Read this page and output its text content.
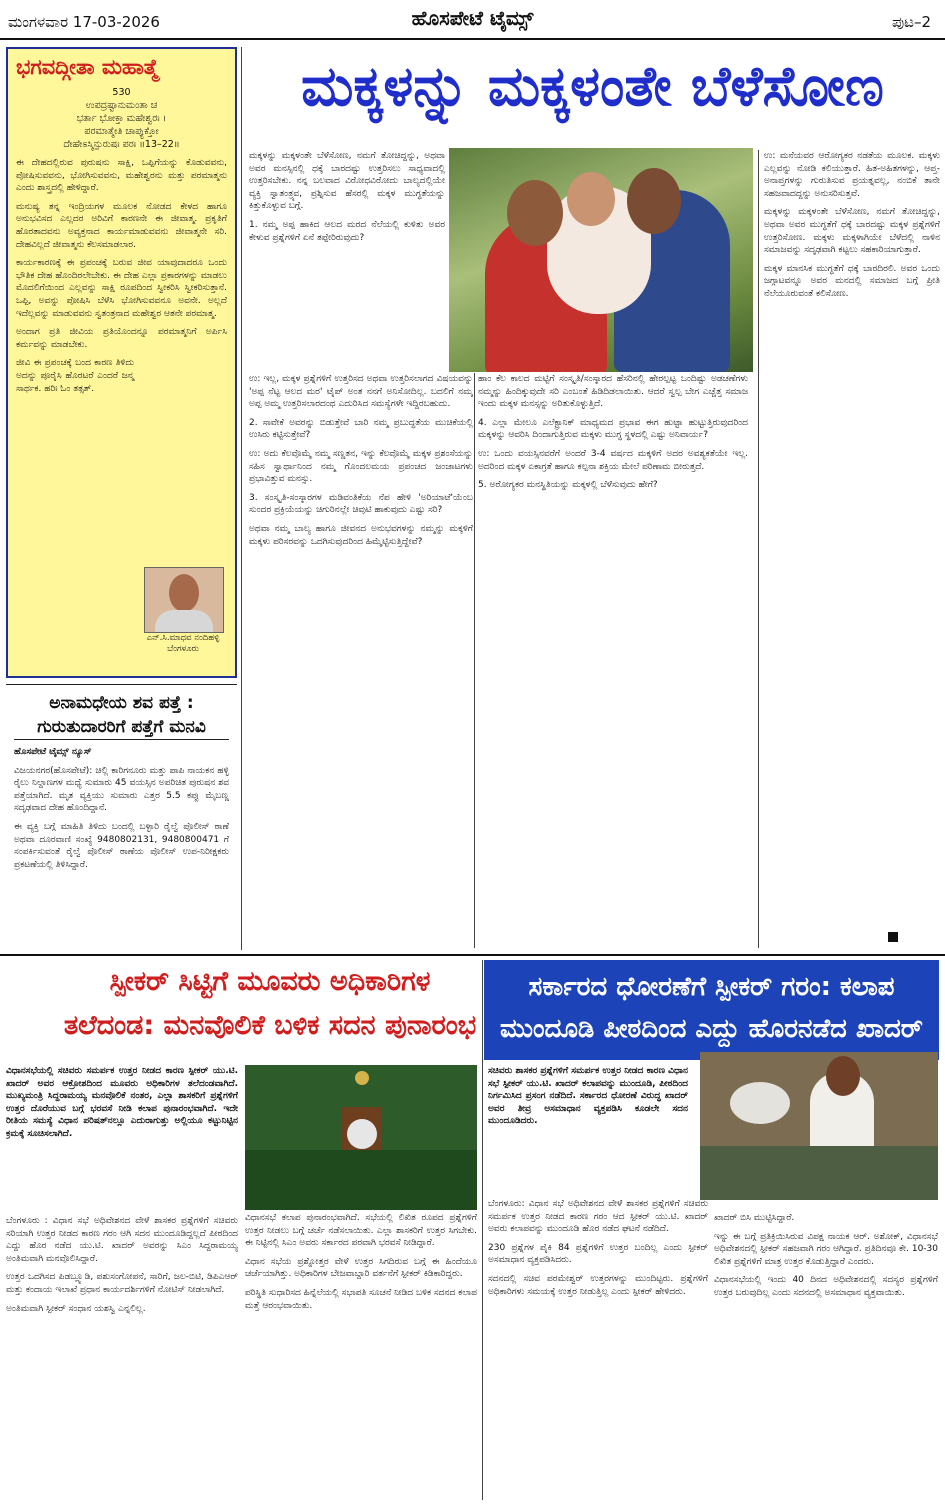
ಮಂಗಳವಾರ 17-03-2026	ಹೊಸಪೇಟೆ ಟೈಮ್ಸ್	ಪುಟ–2
ಭಗವದ್ಗೀತಾ ಮಹಾತ್ಮೆ
530
ಉಪದ್ರಷ್ಟಾನುಮಂತಾ ಚ
ಭರ್ತಾ ಭೋಕ್ತಾ ಮಹೇಶ್ವರಃ ।
ಪರಮಾತ್ಮೇತಿ ಚಾಪ್ಯುಕ್ತೋ
ದೇಹೇಽಸ್ಮಿನ್ಪುರುಷಃ ಪರಃ ॥13–22॥

ಈ ದೇಹದಲ್ಲಿರುವ ಪುರುಷನು ಸಾಕ್ಷಿ, ಒಪ್ಪಿಗೆಯನ್ನು ಕೊಡುವವನು, ಪೋಷಿಸುವವನು, ಭೋಗಿಸುವವನು, ಮಹೇಶ್ವರನು ಮತ್ತು ಪರಮಾತ್ಮನು ಎಂದು ಶಾಸ್ತ್ರದಲ್ಲಿ ಹೇಳಿದ್ದಾರೆ.

ಮನುಷ್ಯ ತನ್ನ ಇಂದ್ರಿಯಗಳ ಮೂಲಕ ನೋಡದ ಕೇಳದ ಹಾಗೂ ಅನುಭವಿಸದ ಎಲ್ಲದರ ಅರಿವಿಗೆ ಕಾರಣನೇ ಈ ಜೀವಾತ್ಮ. ಪ್ರಕೃತಿಗೆ ಹೊರತಾದವನು ಅವ್ಯಕ್ತನಾದ ಕಾರ್ಯಮಾಡುವವನು ಜೀವಾತ್ಮನೇ ಸರಿ. ದೇಹವಿಲ್ಲದೆ ಜೀವಾತ್ಮನು ಕೆಲಸಮಾಡಲಾರ.

ಕಾರ್ಯಕಾರಣಕ್ಕೆ ಈ ಪ್ರಪಂಚಕ್ಕೆ ಬರುವ ಜೀವ ಯಾವುದಾದರೂ ಒಂದು ಭೌತಿಕ ದೇಹ ಹೊಂದಿರಲೇಬೇಕು. ಈ ದೇಹ ಎಲ್ಲಾ ಪ್ರಕಾರಗಳನ್ನು ಮಾಡಲು ಮೊದಲಿಗೆಯಿಂದ ಎಲ್ಲವನ್ನು ಸಾಕ್ಷಿ ರೂಪದಿಂದ ಸ್ವೀಕರಿಸಿ ಸ್ವೀಕರಿಸುತ್ತಾನೆ. ಒಪ್ಪಿ, ಅವನ್ನು ಪೋಷಿಸಿ ಬೆಳೆಸಿ ಭೋಗಿಸುವವನೂ ಅವನೇ. ಅಲ್ಲದೆ ಇದೆಲ್ಲವನ್ನು ಮಾಡುವವನು ಸ್ವತಂತ್ರನಾದ ಮಹೇಶ್ವರ ಆತನೇ ಪರಮಾತ್ಮ.

ಅಂದಾಗ ಪ್ರತಿ ಜೀವಿಯ ಪ್ರತಿಯೊಂದನ್ನೂ ಪರಮಾತ್ಮನಿಗೆ ಅರ್ಪಿಸಿ ಕರ್ಮವನ್ನು ಮಾಡಬೇಕು.

ಜೀವಿ ಈ ಪ್ರಪಂಚಕ್ಕೆ ಬಂದ ಕಾರಣ ತಿಳಿದು ಅದನ್ನು ಪೂರೈಸಿ ಹೊರಟರೆ ಎಂದರೆ ಜನ್ಮ ಸಾರ್ಥಕ. ಹರಿಃ ಓಂ ತತ್ಸತ್.

ಎನ್.ಸಿ.ಮಾಧವ ನಂದಿಹಳ್ಳಿ
ಬೆಂಗಳೂರು
ಅನಾಮಧೇಯ ಶವ ಪತ್ತೆ :
ಗುರುತುದಾರರಿಗೆ ಪತ್ತೆಗೆ ಮನವಿ

ಹೊಸಪೇಟೆ ಟೈಮ್ಸ್ ನ್ಯೂಸ್

ವಿಜಯನಗರ(ಹೊಸಪೇಟೆ): ಚಿಲ್ಲಿ ಕಾರಿಗನೂರು ಮತ್ತು ಪಾಪಿ ನಾಯಕನ ಹಳ್ಳಿ ರೈಲು ನಿಲ್ದಾಣಗಳ ಮಧ್ಯೆ ಸುಮಾರು 45 ವಯಸ್ಸಿನ ಅಪರಿಚಿತ ಪುರುಷನ ಶವ ಪತ್ತೆಯಾಗಿದೆ. ಮೃತ ವ್ಯಕ್ತಿಯು ಸುಮಾರು ಎತ್ತರ 5.5 ಕಪ್ಪು ಮೈಬಣ್ಣ ಸದೃಢವಾದ ದೇಹ ಹೊಂದಿದ್ದಾನೆ.

ಈ ವ್ಯಕ್ತಿ ಬಗ್ಗೆ ಮಾಹಿತಿ ತಿಳಿದು ಬಂದಲ್ಲಿ ಬಳ್ಳಾರಿ ರೈಲ್ವೆ ಪೊಲೀಸ್ ಠಾಣೆ ಅಥವಾ ದೂರವಾಣಿ ಸಂಖ್ಯೆ 9480802131, 9480800471 ಗೆ ಸಂಪರ್ಕಿಸುವಂತೆ ರೈಲ್ವೆ ಪೊಲೀಸ್ ಠಾಣೆಯ ಪೊಲೀಸ್ ಉಪ-ನಿರೀಕ್ಷಕರು ಪ್ರಕಟಣೆಯಲ್ಲಿ ತಿಳಿಸಿದ್ದಾರೆ.

ಮಕ್ಕಳನ್ನು ಮಕ್ಕಳಂತೇ ಬೆಳೆಸೋಣ

ಮಕ್ಕಳನ್ನು ಮಕ್ಕಳಂತೇ ಬೆಳೆಸೋಣ, ನಮಗೆ ತೋಚಿದ್ದನ್ನು, ಅಥವಾ ಅವರ ಮನಸ್ಸಿನಲ್ಲಿ ಧಕ್ಕೆ ಬಾರದಷ್ಟು ಉತ್ತರಿಸಲು ಸಾಧ್ಯವಾದಲ್ಲಿ ಉತ್ತರಿಸಬೇಕು. ನನ್ನ ಬಲವಾದ ವಿರೋಧವಿರೋದು ಬಾಲ್ಯದಲ್ಲಿಯೇ ವ್ಯಕ್ತಿ ಸ್ವಾತಂತ್ರ್ಯವ, ಪ್ರಶ್ನಿಸುವ ಹೆಸರಲ್ಲಿ ಮಕ್ಕಳ ಮುಗ್ಧತೆಯನ್ನು ಕಿತ್ತುಕೊಳ್ಳುವ ಬಗ್ಗೆ.

1. ನಮ್ಮ ಅಪ್ಪ ಹಾಕಿದ ಆಲದ ಮರದ ನೆಲೆಯಲ್ಲಿ ಕುಳಿತು ಅವರ ಕೇಳುವ ಪ್ರಶ್ನೆಗಳಿಗೆ ಏನೆ ತಪ್ಪೇರಿರುವುದು?

ಉ: ಇಲ್ಲ, ಮಕ್ಕಳ ಪ್ರಶ್ನೆಗಳಿಗೆ ಉತ್ತರಿಸದ ಅಥವಾ ಉತ್ತರಿಸಲಾಗದ ವಿಷಯವನ್ನು 'ಅಪ್ಪ ನೆಟ್ಟ ಆಲದ ಮರ' ಟೈಪ್ ಅಂತ ನನಗೆ ಅನಿಸೋದಿಲ್ಲ. ಬದಲಿಗೆ ನಮ್ಮ ಅಪ್ಪ ಅಮ್ಮ ಉತ್ತರಿಸಲಾರದಂಥ ಎದುರಿಸಿದ ಸಮಸ್ಯೆಗಳೇ ಇದ್ದಿರಬಹುದು.

2. ಸಾವೇಕೆ ಅವರನ್ನು ಬಿಡುತ್ತೇವೆ ಬಾರಿ ನಮ್ಮ ಪ್ರಬುದ್ಧತೆಯ ಮುಚಿಕೆಯಲ್ಲಿ ಉಸಿರು ಕಟ್ಟಿಸುತ್ತೇವೆ?

ಉ: ಅದು ಕೆಲವೊಮ್ಮೆ ನಮ್ಮ ಸಣ್ಣತನ, ಇನ್ನು ಕೆಲವೊಮ್ಮೆ ಮಕ್ಕಳ ಪ್ರಶಂಸೆಯನ್ನು ಸಹಿಸ ಸ್ವಾರ್ಥಾನಿಂದ ನಮ್ಮ ಗೊಂದಲಮಯ ಪ್ರಪಂಚದ ಜಂಜಾಟಗಳು ಪ್ರಭಾವಿತ್ತುವ ಮನಸ್ಸು.

3. ಸಂಸ್ಕೃತಿ-ಸಂಸ್ಕಾರಗಳ ಮಡಿವಂತಿಕೆಯ ನೆಪ ಹೇಳಿ 'ಅರಿಯಾಟೆ'ಯೆಂಬ ಸುಂದರ ಪ್ರಕ್ರಿಯೆಯನ್ನು ಚಿಗುರಿನಲ್ಲೇ ಚಿವುಟಿ ಹಾಕುವುದು ಎಷ್ಟು ಸರಿ?

ಅಥವಾ ನಮ್ಮ ಬಾಲ್ಯ ಹಾಗೂ ಜೀವನದ ಅನುಭವಗಳನ್ನು ನಮ್ಮನ್ನು ಮಕ್ಕಳಿಗೆ ಮಕ್ಕಳು ಪರಿಸರವನ್ನು ಒದಗಿಸುವುದರಿಂದ ಹಿಮ್ಮೆಟ್ಟಿಸುತ್ತಿದ್ದೇವೆ?

ಹಾಂ ಕೆಲ ಕಾಲದ ಮಟ್ಟಿಗೆ ಸಂಸ್ಕೃತಿ/ಸಂಸ್ಕಾರದ ಹೆಸರಿನಲ್ಲಿ ಹೇರಲ್ಪಟ್ಟ ಒಂದಿಷ್ಟು ಅಡಚಣೆಗಳು ನಮ್ಮನ್ನು ಹಿಂದಿಕ್ಕುವುದೇ ಸರಿ ಎಂಬಂತೆ ಹಿಡಿದಿಡಲಾಯಿತು. ಆದರೆ ಸ್ವಲ್ಪ ಬೇಗ ಎಚ್ಚೆತ್ತ ಸಮಾಜ ಇಂದು ಮಕ್ಕಳ ಮನಸ್ಸನ್ನು ಅರಿತುಕೊಳ್ಳುತ್ತಿದೆ.

4. ಎಲ್ಲಾ ಮೇಲೂ ಎಲೆಕ್ಟ್ರಾನಿಕ್ ಮಾಧ್ಯಮದ ಪ್ರಭಾವ ಈಗ ಹುಟ್ಟಾ ಹುಟ್ಟುತ್ತಿರುವುದರಿಂದ ಮಕ್ಕಳನ್ನು ಆವರಿಸಿ ದಿಂದಾಗುತ್ತಿರುವ ಮಕ್ಕಳು ಮುಗ್ಧ ಸ್ಥಳದಲ್ಲಿ ಎಷ್ಟು ಅನಿವಾರ್ಯ?

ಉ: ಒಂದು ವಯಸ್ಸಿನವರೆಗೆ ಅಂದರೆ 3-4 ವರ್ಷದ ಮಕ್ಕಳಿಗೆ ಅದರ ಅವಶ್ಯಕತೆಯೇ ಇಲ್ಲ. ಅದರಿಂದ ಮಕ್ಕಳ ಏಕಾಗ್ರತೆ ಹಾಗೂ ಕಲ್ಪನಾ ಶಕ್ತಿಯ ಮೇಲೆ ಪರಿಣಾಮ ಬೀರುತ್ತದೆ.

5. ಅರೋಗ್ಯಕರ ಮನಸ್ಥಿತಿಯನ್ನು ಮಕ್ಕಳಲ್ಲಿ ಬೆಳೆಸುವುದು ಹೇಗೆ?

ಉ: ಮನೆಯವರ ಆರೋಗ್ಯಕರ ನಡತೆಯ ಮೂಲಕ. ಮಕ್ಕಳು ಎಲ್ಲವನ್ನು ನೋಡಿ ಕಲಿಯುತ್ತಾರೆ. ಹಿತ-ಅಹಿತಗಳನ್ನು, ಆಪ್ತ-ಅನಾಪ್ತಗಳನ್ನು ಗುರುತಿಸುವ ಪ್ರಯತ್ನವಲ್ಲ, ನಂಬಿಕೆ ತಾನೇ ಸಹಜವಾದದ್ದನ್ನು ಅನುಸರಿಸುತ್ತವೆ.

ಮಕ್ಕಳನ್ನು ಮಕ್ಕಳಂತೇ ಬೆಳೆಸೋಣ, ನಮಗೆ ತೋಚಿದ್ದನ್ನು, ಅಥವಾ ಅವರ ಮುಗ್ಧತೆಗೆ ಧಕ್ಕೆ ಬಾರದಷ್ಟು ಮಕ್ಕಳ ಪ್ರಶ್ನೆಗಳಿಗೆ ಉತ್ತರಿಸೋಣ. ಮಕ್ಕಳು ಮಕ್ಕಳಾಗಿಯೇ ಬೆಳೆದಲ್ಲಿ ನಾಳಿನ ಸಮಾಜವನ್ನು ಸದೃಢವಾಗಿ ಕಟ್ಟಲು ಸಹಕಾರಿಯಾಗುತ್ತಾರೆ.

ಮಕ್ಕಳ ಮಾನಸಿಕ ಮುಗ್ಧತೆಗೆ ಧಕ್ಕೆ ಬಾರದಿರಲಿ. ಅವರ ಒಂದು ಜಗ್ಗಾಟವನ್ನೂ ಅವರ ಮನದಲ್ಲಿ ಸಮಾಜದ ಬಗ್ಗೆ ಪ್ರೀತಿ ನೆಲೆಯೂರುವಂತೆ ಕಲಿಸೋಣ.

ಸ್ಪೀಕರ್ ಸಿಟ್ಟಿಗೆ ಮೂವರು ಅಧಿಕಾರಿಗಳ
ತಲೆದಂಡ: ಮನವೊಲಿಕೆ ಬಳಿಕ ಸದನ ಪುನಾರಂಭ
ಸರ್ಕಾರದ ಧೋರಣೆಗೆ ಸ್ಪೀಕರ್ ಗರಂ: ಕಲಾಪ
ಮುಂದೂಡಿ ಪೀಠದಿಂದ ಎದ್ದು ಹೊರನಡೆದ ಖಾದರ್

ವಿಧಾನಸಭೆಯಲ್ಲಿ ಸಚಿವರು ಸಮರ್ಪಕ ಉತ್ತರ ನೀಡದ ಕಾರಣ ಸ್ಪೀಕರ್ ಯು.ಟಿ. ಖಾದರ್ ಅವರ ಆಕ್ರೋಶದಿಂದ ಮೂವರು ಅಧಿಕಾರಿಗಳ ತಲೆದಂಡವಾಗಿದೆ. ಮುಖ್ಯಮಂತ್ರಿ ಸಿದ್ದರಾಮಯ್ಯ ಮನವೊಲಿಕೆ ನಂತರ, ಎಲ್ಲಾ ಶಾಸಕರಿಗೆ ಪ್ರಶ್ನೆಗಳಿಗೆ ಉತ್ತರ ದೊರೆಯುವ ಬಗ್ಗೆ ಭರವಸೆ ನೀಡಿ ಕಲಾಪ ಪುನಾರಂಭವಾಗಿದೆ. ಇದೇ ರೀತಿಯ ಸಮಸ್ಯೆ ವಿಧಾನ ಪರಿಷತ್‌ನಲ್ಲೂ ಎದುರಾಗುತ್ತು ಅಲ್ಲಿಯೂ ಕಟ್ಟುನಿಟ್ಟಿನ ಕ್ರಮಕ್ಕೆ ಸೂಚಿಸಲಾಗಿದೆ.

ಬೆಂಗಳೂರು : ವಿಧಾನ ಸಭೆ ಅಧಿವೇಶನದ ವೇಳೆ ಶಾಸಕರ ಪ್ರಶ್ನೆಗಳಿಗೆ ಸಚಿವರು ಸರಿಯಾಗಿ ಉತ್ತರ ನೀಡದ ಕಾರಣ ಗರಂ ಆಗಿ ಸದನ ಮುಂದೂಡಿದ್ದಲ್ಲದೆ ಪೀಠದಿಂದ ಎದ್ದು ಹೊರ ನಡೆದ ಯು.ಟಿ. ಖಾದರ್ ಅವರನ್ನು ಸಿಎಂ ಸಿದ್ದರಾಮಯ್ಯ ಅಂತಿಮವಾಗಿ ಮನವೊಲಿಸಿದ್ದಾರೆ.

ಉತ್ತರ ಒದಗಿಸದ ಪಿಡಬ್ಲ್ಯೂಡಿ, ಪಶುಸಂಗೋಪನೆ, ಸಾರಿಗೆ, ಜಲ-ಬಿಟಿ, ಡಿಪಿಎಆರ್ ಮತ್ತು ಕಂದಾಯ ಇಲಾಖೆ ಪ್ರಧಾನ ಕಾರ್ಯದರ್ಶಿಗಳಿಗೆ ನೋಟಿಸ್ ನೀಡಲಾಗಿದೆ.

ಅಂತಿಮವಾಗಿ ಸ್ಪೀಕರ್ ಸಂಧಾನ ಯಶಸ್ವಿ ಎನ್ನಲಿಲ್ಲ.

ವಿಧಾನಸಭೆ ಕಲಾಪ ಪುನಾರಂಭವಾಗಿದೆ. ಸಭೆಯಲ್ಲಿ ಲಿಖಿತ ರೂಪದ ಪ್ರಶ್ನೆಗಳಿಗೆ ಉತ್ತರ ನೀಡಲು ಬಗ್ಗೆ ಚರ್ಚೆ ನಡೆಸಲಾಯಿತು. ಎಲ್ಲಾ ಶಾಸಕರಿಗೆ ಉತ್ತರ ಸಿಗಬೇಕು. ಈ ನಿಟ್ಟಿನಲ್ಲಿ ಸಿಎಂ ಅವರು ಸರ್ಕಾರದ ಪರವಾಗಿ ಭರವಸೆ ನೀಡಿದ್ದಾರೆ.

ವಿಧಾನ ಸಭೆಯ ಪ್ರಶ್ನೋತ್ತರ ವೇಳೆ ಉತ್ತರ ಸಿಗದಿರುವ ಬಗ್ಗೆ ಈ ಹಿಂದೆಯೂ ಚರ್ಚೆಯಾಗಿತ್ತು. ಅಧಿಕಾರಿಗಳ ಬೇಜವಾಬ್ದಾರಿ ವರ್ತನೆಗೆ ಸ್ಪೀಕರ್ ಕಿಡಿಕಾರಿದ್ದರು.

ಪರಿಸ್ಥಿತಿ ಸುಧಾರಿಸದ ಹಿನ್ನೆಲೆಯಲ್ಲಿ ಸಭಾಪತಿ ಸೂಚನೆ ನೀಡಿದ ಬಳಿಕ ಸದನದ ಕಲಾಪ ಮತ್ತೆ ಆರಂಭವಾಯಿತು.

ಸಚಿವರು ಶಾಸಕರ ಪ್ರಶ್ನೆಗಳಿಗೆ ಸಮರ್ಪಕ ಉತ್ತರ ನೀಡದ ಕಾರಣ ವಿಧಾನ ಸಭೆ ಸ್ಪೀಕರ್ ಯು.ಟಿ. ಖಾದರ್ ಕಲಾಪವನ್ನು ಮುಂದೂಡಿ, ಪೀಠದಿಂದ ನಿರ್ಗಮಿಸಿದ ಪ್ರಸಂಗ ನಡೆದಿದೆ. ಸರ್ಕಾರದ ಧೋರಣೆ ವಿರುದ್ಧ ಖಾದರ್ ಅವರ ತೀವ್ರ ಅಸಮಾಧಾನ ವ್ಯಕ್ತಪಡಿಸಿ ಕೂಡಲೇ ಸದನ ಮುಂದೂಡಿದರು.

ಬೆಂಗಳೂರು: ವಿಧಾನ ಸಭೆ ಅಧಿವೇಶನದ ವೇಳೆ ಶಾಸಕರ ಪ್ರಶ್ನೆಗಳಿಗೆ ಸಚಿವರು ಸಮರ್ಪಕ ಉತ್ತರ ನೀಡದ ಕಾರಣ ಗರಂ ಆದ ಸ್ಪೀಕರ್ ಯು.ಟಿ. ಖಾದರ್ ಅವರು ಕಲಾಪವನ್ನು ಮುಂದೂಡಿ ಹೊರ ನಡೆದ ಘಟನೆ ನಡೆದಿದೆ.

230 ಪ್ರಶ್ನೆಗಳ ಪೈಕಿ 84 ಪ್ರಶ್ನೆಗಳಿಗೆ ಉತ್ತರ ಬಂದಿಲ್ಲ ಎಂದು ಸ್ಪೀಕರ್ ಅಸಮಾಧಾನ ವ್ಯಕ್ತಪಡಿಸಿದರು.

ಸದನದಲ್ಲಿ ಸಚಿವ ಪರಮೇಶ್ವರ್ ಉತ್ತರಗಳನ್ನು ಮುಂದಿಟ್ಟರು. ಪ್ರಶ್ನೆಗಳಿಗೆ ಅಧಿಕಾರಿಗಳು ಸಮಯಕ್ಕೆ ಉತ್ತರ ನೀಡುತ್ತಿಲ್ಲ ಎಂದು ಸ್ಪೀಕರ್ ಹೇಳಿದರು.

ಖಾದರ್ ಬಿಸಿ ಮುಟ್ಟಿಸಿದ್ದಾರೆ.

ಇನ್ನು ಈ ಬಗ್ಗೆ ಪ್ರತಿಕ್ರಿಯಿಸಿರುವ ವಿಪಕ್ಷ ನಾಯಕ ಆರ್. ಅಶೋಕ್, ವಿಧಾನಸಭೆ ಅಧಿವೇಶನದಲ್ಲಿ ಸ್ಪೀಕರ್ ಸಹಜವಾಗಿ ಗರಂ ಆಗಿದ್ದಾರೆ. ಪ್ರತಿದಿನವೂ ಕೇ. 10-30 ಲಿಖಿತ ಪ್ರಶ್ನೆಗಳಿಗೆ ಮಾತ್ರ ಉತ್ತರ ಕೊಡುತ್ತಿದ್ದಾರೆ ಎಂದರು.

ವಿಧಾನಸಭೆಯಲ್ಲಿ ಇಂದು 40 ದಿನದ ಅಧಿವೇಶನದಲ್ಲಿ ಸದಸ್ಯರ ಪ್ರಶ್ನೆಗಳಿಗೆ ಉತ್ತರ ಬರುವುದಿಲ್ಲ ಎಂದು ಸದನದಲ್ಲಿ ಅಸಮಾಧಾನ ವ್ಯಕ್ತವಾಯಿತು.
